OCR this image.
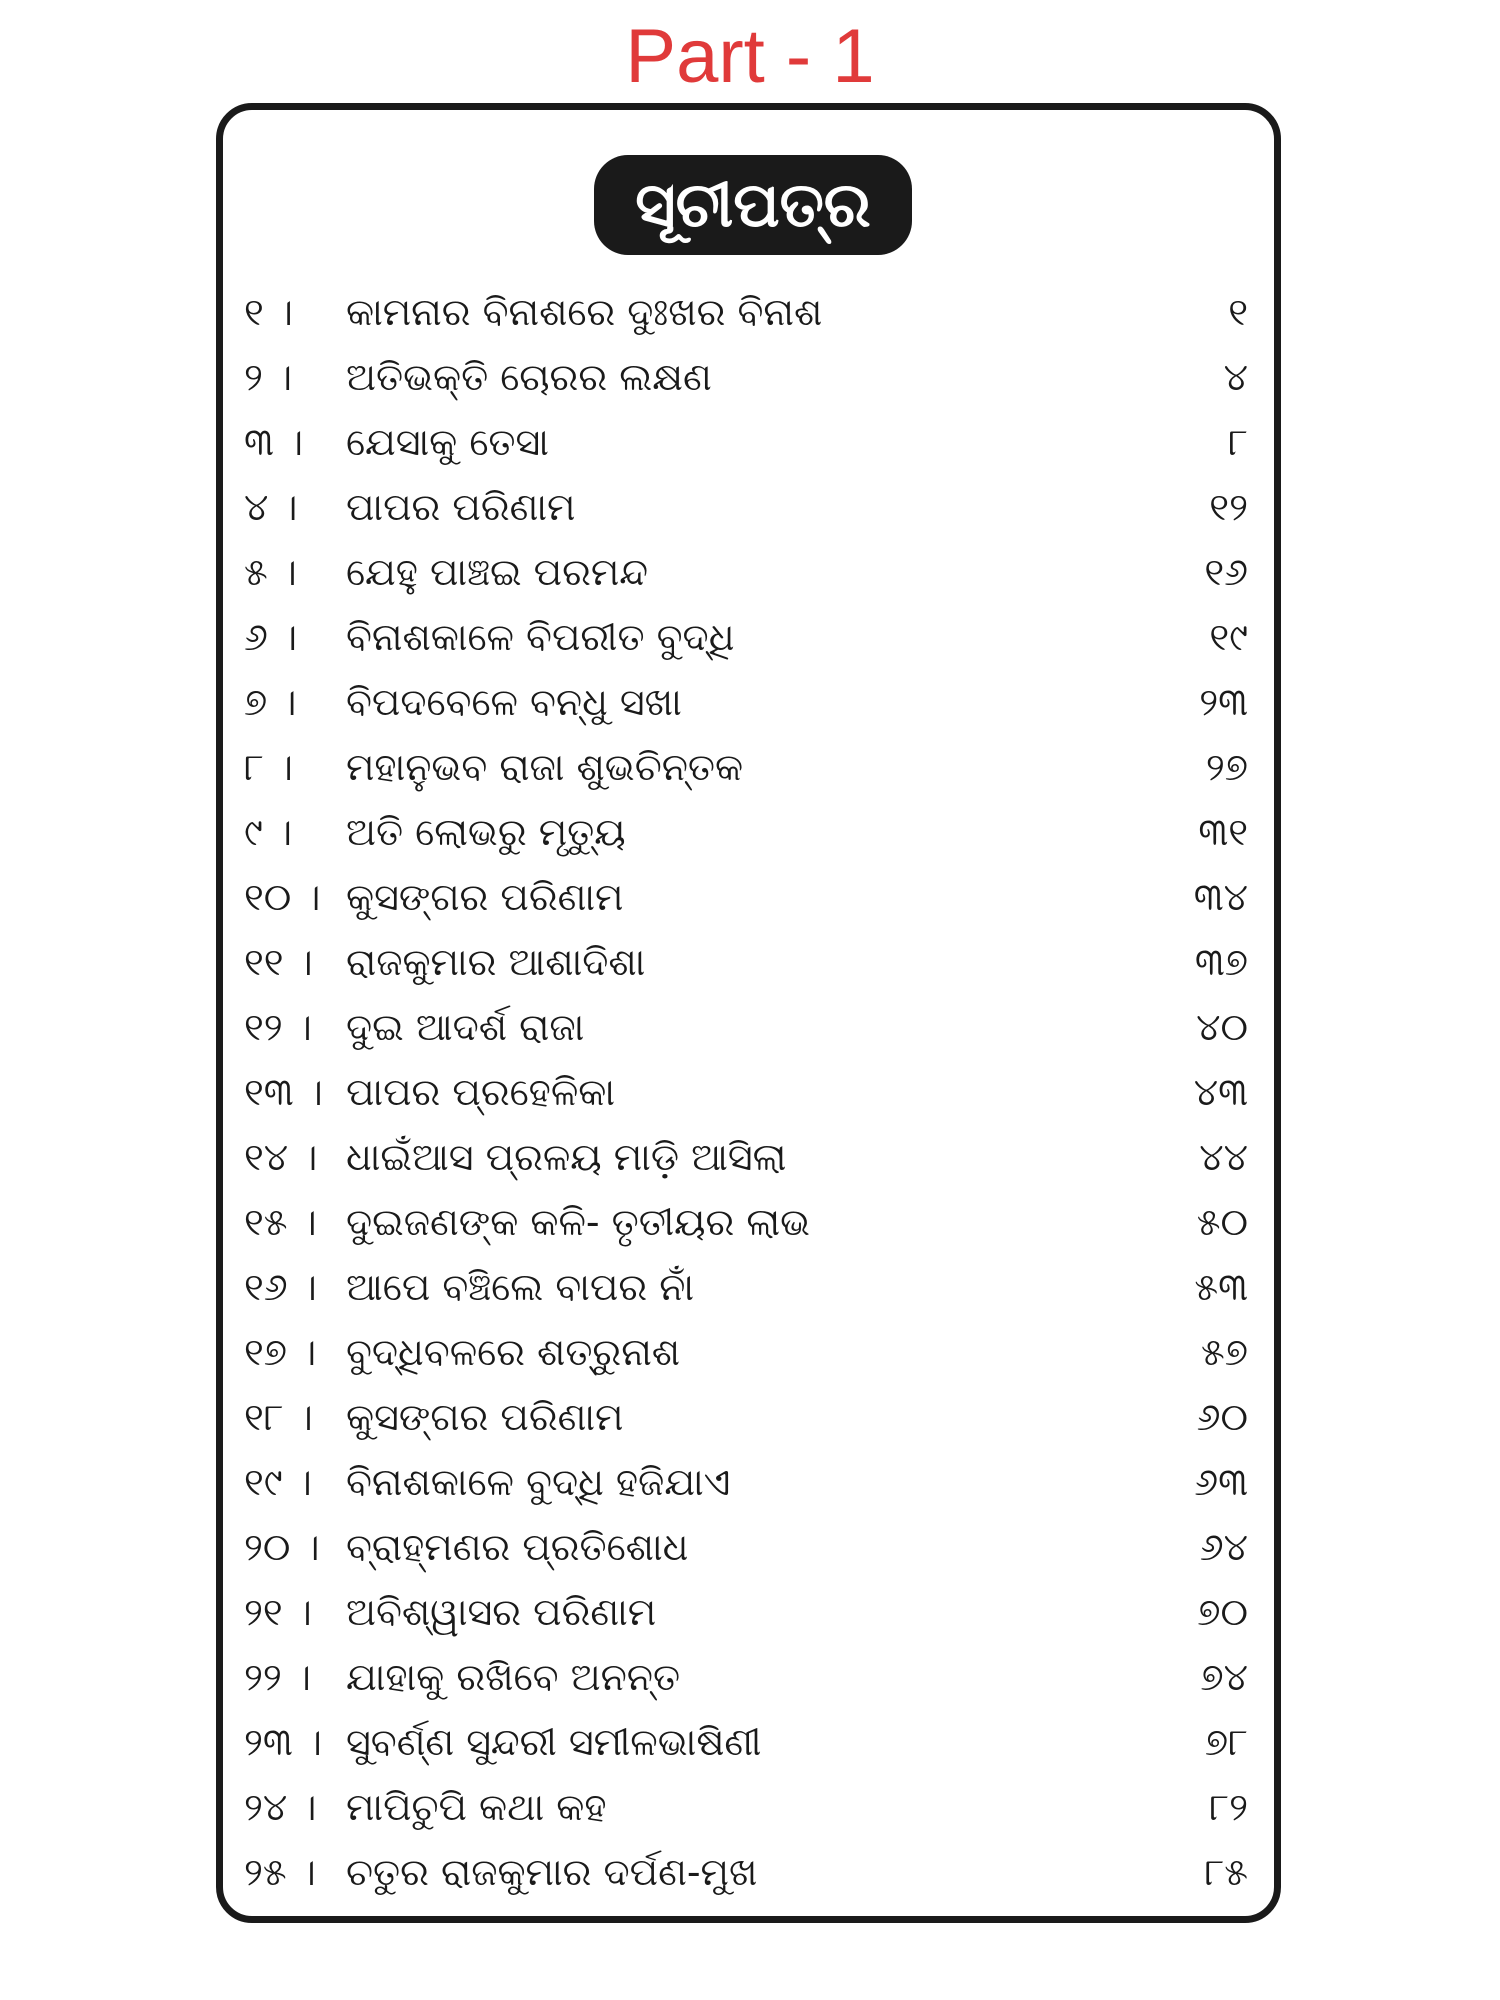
Part - 1
ସୂଚୀପତ୍ର
୧ ।	କାମନାର ବିନାଶରେ ଦୁଃଖର ବିନାଶ	୧
୨ ।	ଅତିଭକ୍ତି ଚୋରର ଲକ୍ଷଣ	୪
୩ ।	ଯେସାକୁ ତେସା	୮
୪ ।	ପାପର ପରିଣାମ	୧୨
୫ ।	ଯେହୁ ପାଞ୍ଚଇ ପରମନ୍ଦ	୧୬
୬ ।	ବିନାଶକାଳେ ବିପରୀତ ବୁଦ୍ଧି	୧୯
୭ ।	ବିପଦବେଳେ ବନ୍ଧୁ ସଖା	୨୩
୮ ।	ମହାନୁଭବ ରାଜା ଶୁଭଚିନ୍ତକ	୨୭
୯ ।	ଅତି ଲୋଭରୁ ମୃତ୍ୟୁ	୩୧
୧୦ । କୁସଙ୍ଗର ପରିଣାମ	୩୪
୧୧ । ରାଜକୁମାର ଆଶାଦିଶା	୩୭
୧୨ । ଦୁଇ ଆଦର୍ଶ ରାଜା	୪୦
୧୩ । ପାପର ପ୍ରହେଳିକା	୪୩
୧୪ । ଧାଇଁଆସ ପ୍ରଳୟ ମାଡ଼ି ଆସିଲା	୪୪
୧୫ । ଦୁଇଜଣଙ୍କ କଳି- ତୃତୀୟର ଲାଭ	୫୦
୧୬ । ଆପେ ବଞ୍ଚିଲେ ବାପର ନାଁ	୫୩
୧୭ । ବୁଦ୍ଧିବଳରେ ଶତ୍ରୁନାଶ	୫୭
୧୮ । କୁସଙ୍ଗର ପରିଣାମ	୬୦
୧୯ । ବିନାଶକାଳେ ବୁଦ୍ଧି ହଜିଯାଏ	୬୩
୨୦ । ବ୍ରାହ୍ମଣର ପ୍ରତିଶୋଧ	୬୪
୨୧ । ଅବିଶ୍ୱାସର ପରିଣାମ	୭୦
୨୨ । ଯାହାକୁ ରଖିବେ ଅନନ୍ତ	୭୪
୨୩ । ସୁବର୍ଣ୍ଣ ସୁନ୍ଦରୀ ସମୀଳଭାଷିଣୀ	୭୮
୨୪ । ମାପିଚୁପି କଥା କହ	୮୨
୨୫ । ଚତୁର ରାଜକୁମାର ଦର୍ପଣ-ମୁଖ	୮୫
